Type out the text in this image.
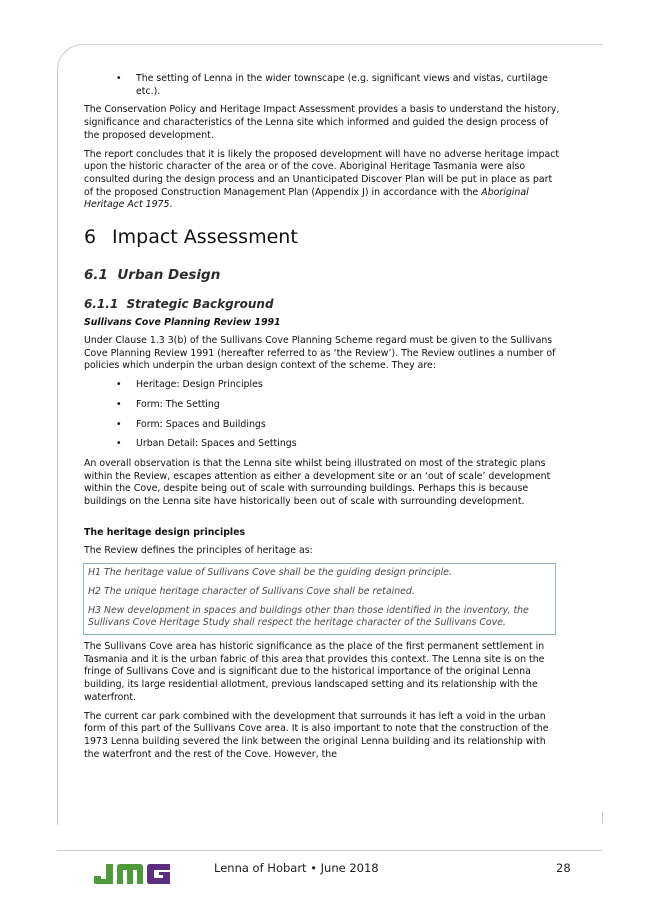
• The setting of Lenna in the wider townscape (e.g. significant views and vistas, curtilage etc.).

The Conservation Policy and Heritage Impact Assessment provides a basis to understand the history, significance and characteristics of the Lenna site which informed and guided the design process of the proposed development.

The report concludes that it is likely the proposed development will have no adverse heritage impact upon the historic character of the area or of the cove. Aboriginal Heritage Tasmania were also consulted during the design process and an Unanticipated Discover Plan will be put in place as part of the proposed Construction Management Plan (Appendix J) in accordance with the Aboriginal Heritage Act 1975.

6 Impact Assessment
6.1 Urban Design
6.1.1 Strategic Background

Sullivans Cove Planning Review 1991

Under Clause 1.3 3(b) of the Sullivans Cove Planning Scheme regard must be given to the Sullivans Cove Planning Review 1991 (hereafter referred to as ‘the Review’). The Review outlines a number of policies which underpin the urban design context of the scheme. They are:

• Heritage: Design Principles
• Form: The Setting
• Form: Spaces and Buildings
• Urban Detail: Spaces and Settings

An overall observation is that the Lenna site whilst being illustrated on most of the strategic plans within the Review, escapes attention as either a development site or an ‘out of scale’ development within the Cove, despite being out of scale with surrounding buildings. Perhaps this is because buildings on the Lenna site have historically been out of scale with surrounding development.

The heritage design principles

The Review defines the principles of heritage as:

H1 The heritage value of Sullivans Cove shall be the guiding design principle.

H2 The unique heritage character of Sullivans Cove shall be retained.

H3 New development in spaces and buildings other than those identified in the inventory, the Sullivans Cove Heritage Study shall respect the heritage character of the Sullivans Cove.

The Sullivans Cove area has historic significance as the place of the first permanent settlement in Tasmania and it is the urban fabric of this area that provides this context. The Lenna site is on the fringe of Sullivans Cove and is significant due to the historical importance of the original Lenna building, its large residential allotment, previous landscaped setting and its relationship with the waterfront.

The current car park combined with the development that surrounds it has left a void in the urban form of this part of the Sullivans Cove area. It is also important to note that the construction of the 1973 Lenna building severed the link between the original Lenna building and its relationship with the waterfront and the rest of the Cove. However, the

Lenna of Hobart • June 2018	28
